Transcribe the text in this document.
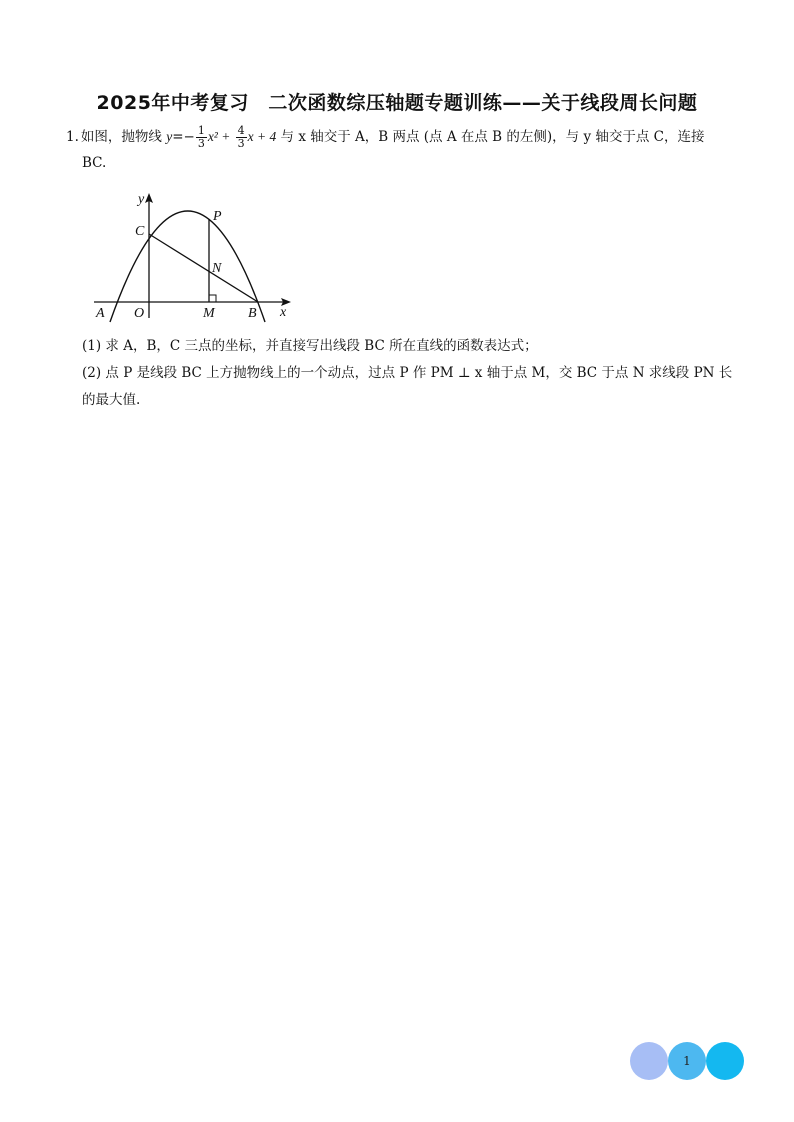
2025年中考复习　二次函数综压轴题专题训练——关于线段周长问题
1. 如图，抛物线 $y=- \frac{1}{3} x^2 + \frac{4}{3}$ x + 4 与 x 轴交于 A，B 两点 (点 A 在点 B 的左侧)，与 y 轴交于点 C，连接
BC.
y
x
C
P
N
A O	M B
(1) 求 A，B，C 三点的坐标，并直接写出线段 BC 所在直线的函数表达式；
(2) 点 P 是线段 BC 上方抛物线上的一个动点，过点 P 作 PM ⊥ x 轴于点 M，交 BC 于点 N 求线段 PN 长
的最大值.
1
